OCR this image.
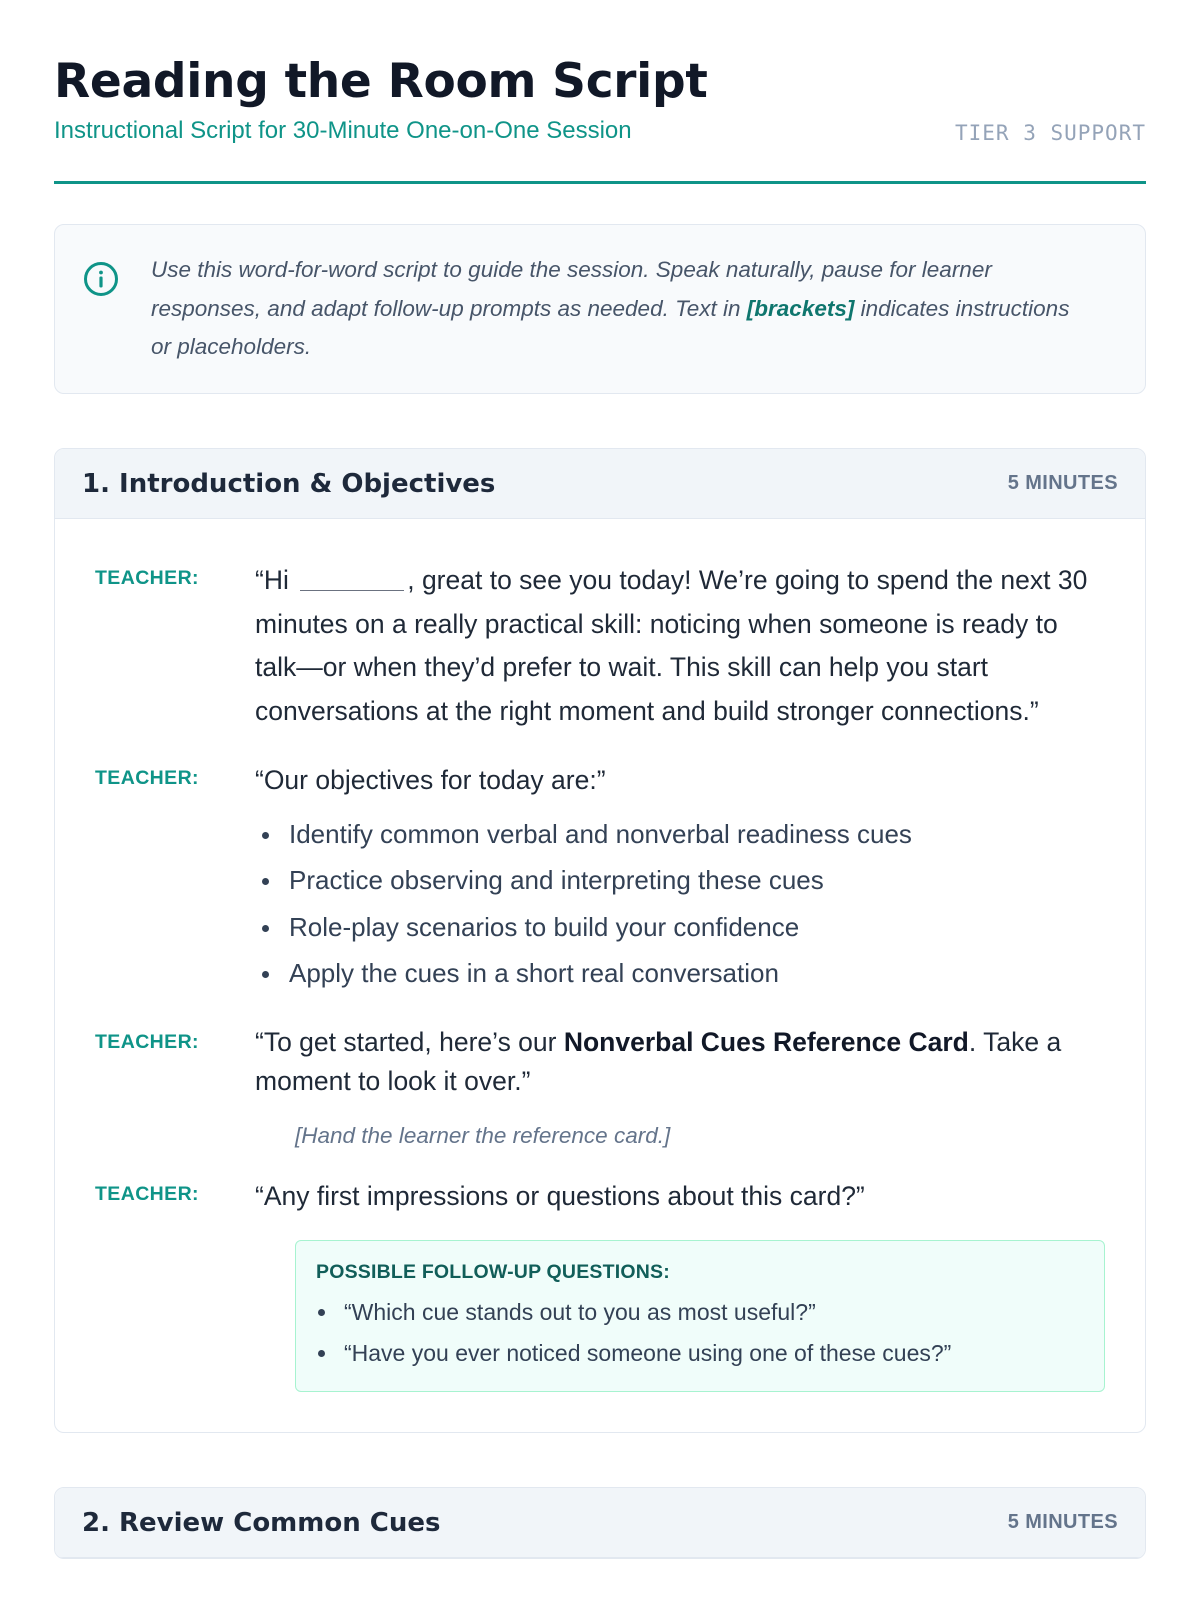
Reading the Room Script
Instructional Script for 30-Minute One-on-One Session	TIER 3 SUPPORT

Use this word-for-word script to guide the session. Speak naturally, pause for learner responses, and adapt follow-up prompts as needed. Text in [brackets] indicates instructions or placeholders.

1. Introduction & Objectives	5 MINUTES
TEACHER:	“Hi	, great to see you today! We’re going to spend the next 30 minutes on a really practical skill: noticing when someone is ready to talk—or when they’d prefer to wait. This skill can help you start conversations at the right moment and build stronger connections.”
TEACHER:	“Our objectives for today are:”
Identify common verbal and nonverbal readiness cues
Practice observing and interpreting these cues
Role-play scenarios to build your confidence
Apply the cues in a short real conversation
TEACHER:	“To get started, here’s our Nonverbal Cues Reference Card. Take a moment to look it over.”
[Hand the learner the reference card.]
TEACHER:	“Any first impressions or questions about this card?”
POSSIBLE FOLLOW-UP QUESTIONS:
“Which cue stands out to you as most useful?”
“Have you ever noticed someone using one of these cues?”
2. Review Common Cues	5 MINUTES
